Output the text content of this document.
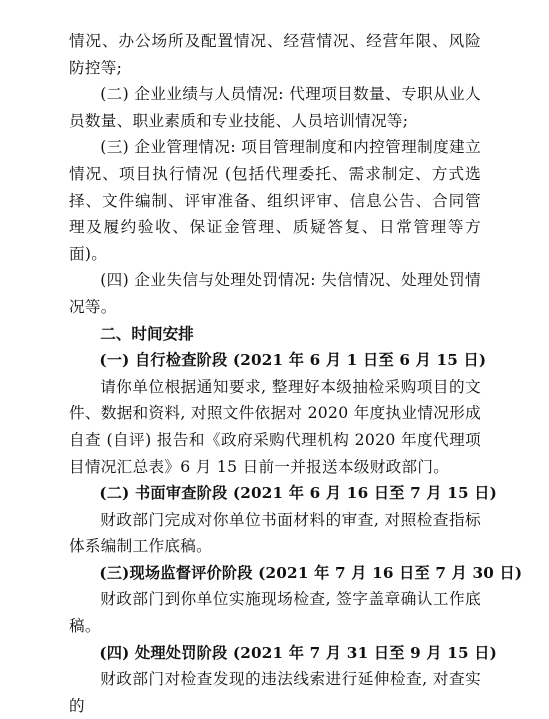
情况、办公场所及配置情况、经营情况、经营年限、风险防控等;

(二) 企业业绩与人员情况: 代理项目数量、专职从业人员数量、职业素质和专业技能、人员培训情况等;

(三) 企业管理情况: 项目管理制度和内控管理制度建立情况、项目执行情况 (包括代理委托、需求制定、方式选择、文件编制、评审准备、组织评审、信息公告、合同管理及履约验收、保证金管理、质疑答复、日常管理等方面)。

(四) 企业失信与处理处罚情况: 失信情况、处理处罚情况等。

二、时间安排

(一) 自行检查阶段 (2021 年 6 月 1 日至 6 月 15 日)

请你单位根据通知要求, 整理好本级抽检采购项目的文件、数据和资料, 对照文件依据对 2020 年度执业情况形成自查 (自评) 报告和《政府采购代理机构 2020 年度代理项目情况汇总表》6 月 15 日前一并报送本级财政部门。

(二) 书面审查阶段 (2021 年 6 月 16 日至 7 月 15 日)

财政部门完成对你单位书面材料的审查, 对照检查指标体系编制工作底稿。

(三)现场监督评价阶段 (2021 年 7 月 16 日至 7 月 30 日)

财政部门到你单位实施现场检查, 签字盖章确认工作底稿。

(四) 处理处罚阶段 (2021 年 7 月 31 日至 9 月 15 日)

财政部门对检查发现的违法线索进行延伸检查, 对查实的
